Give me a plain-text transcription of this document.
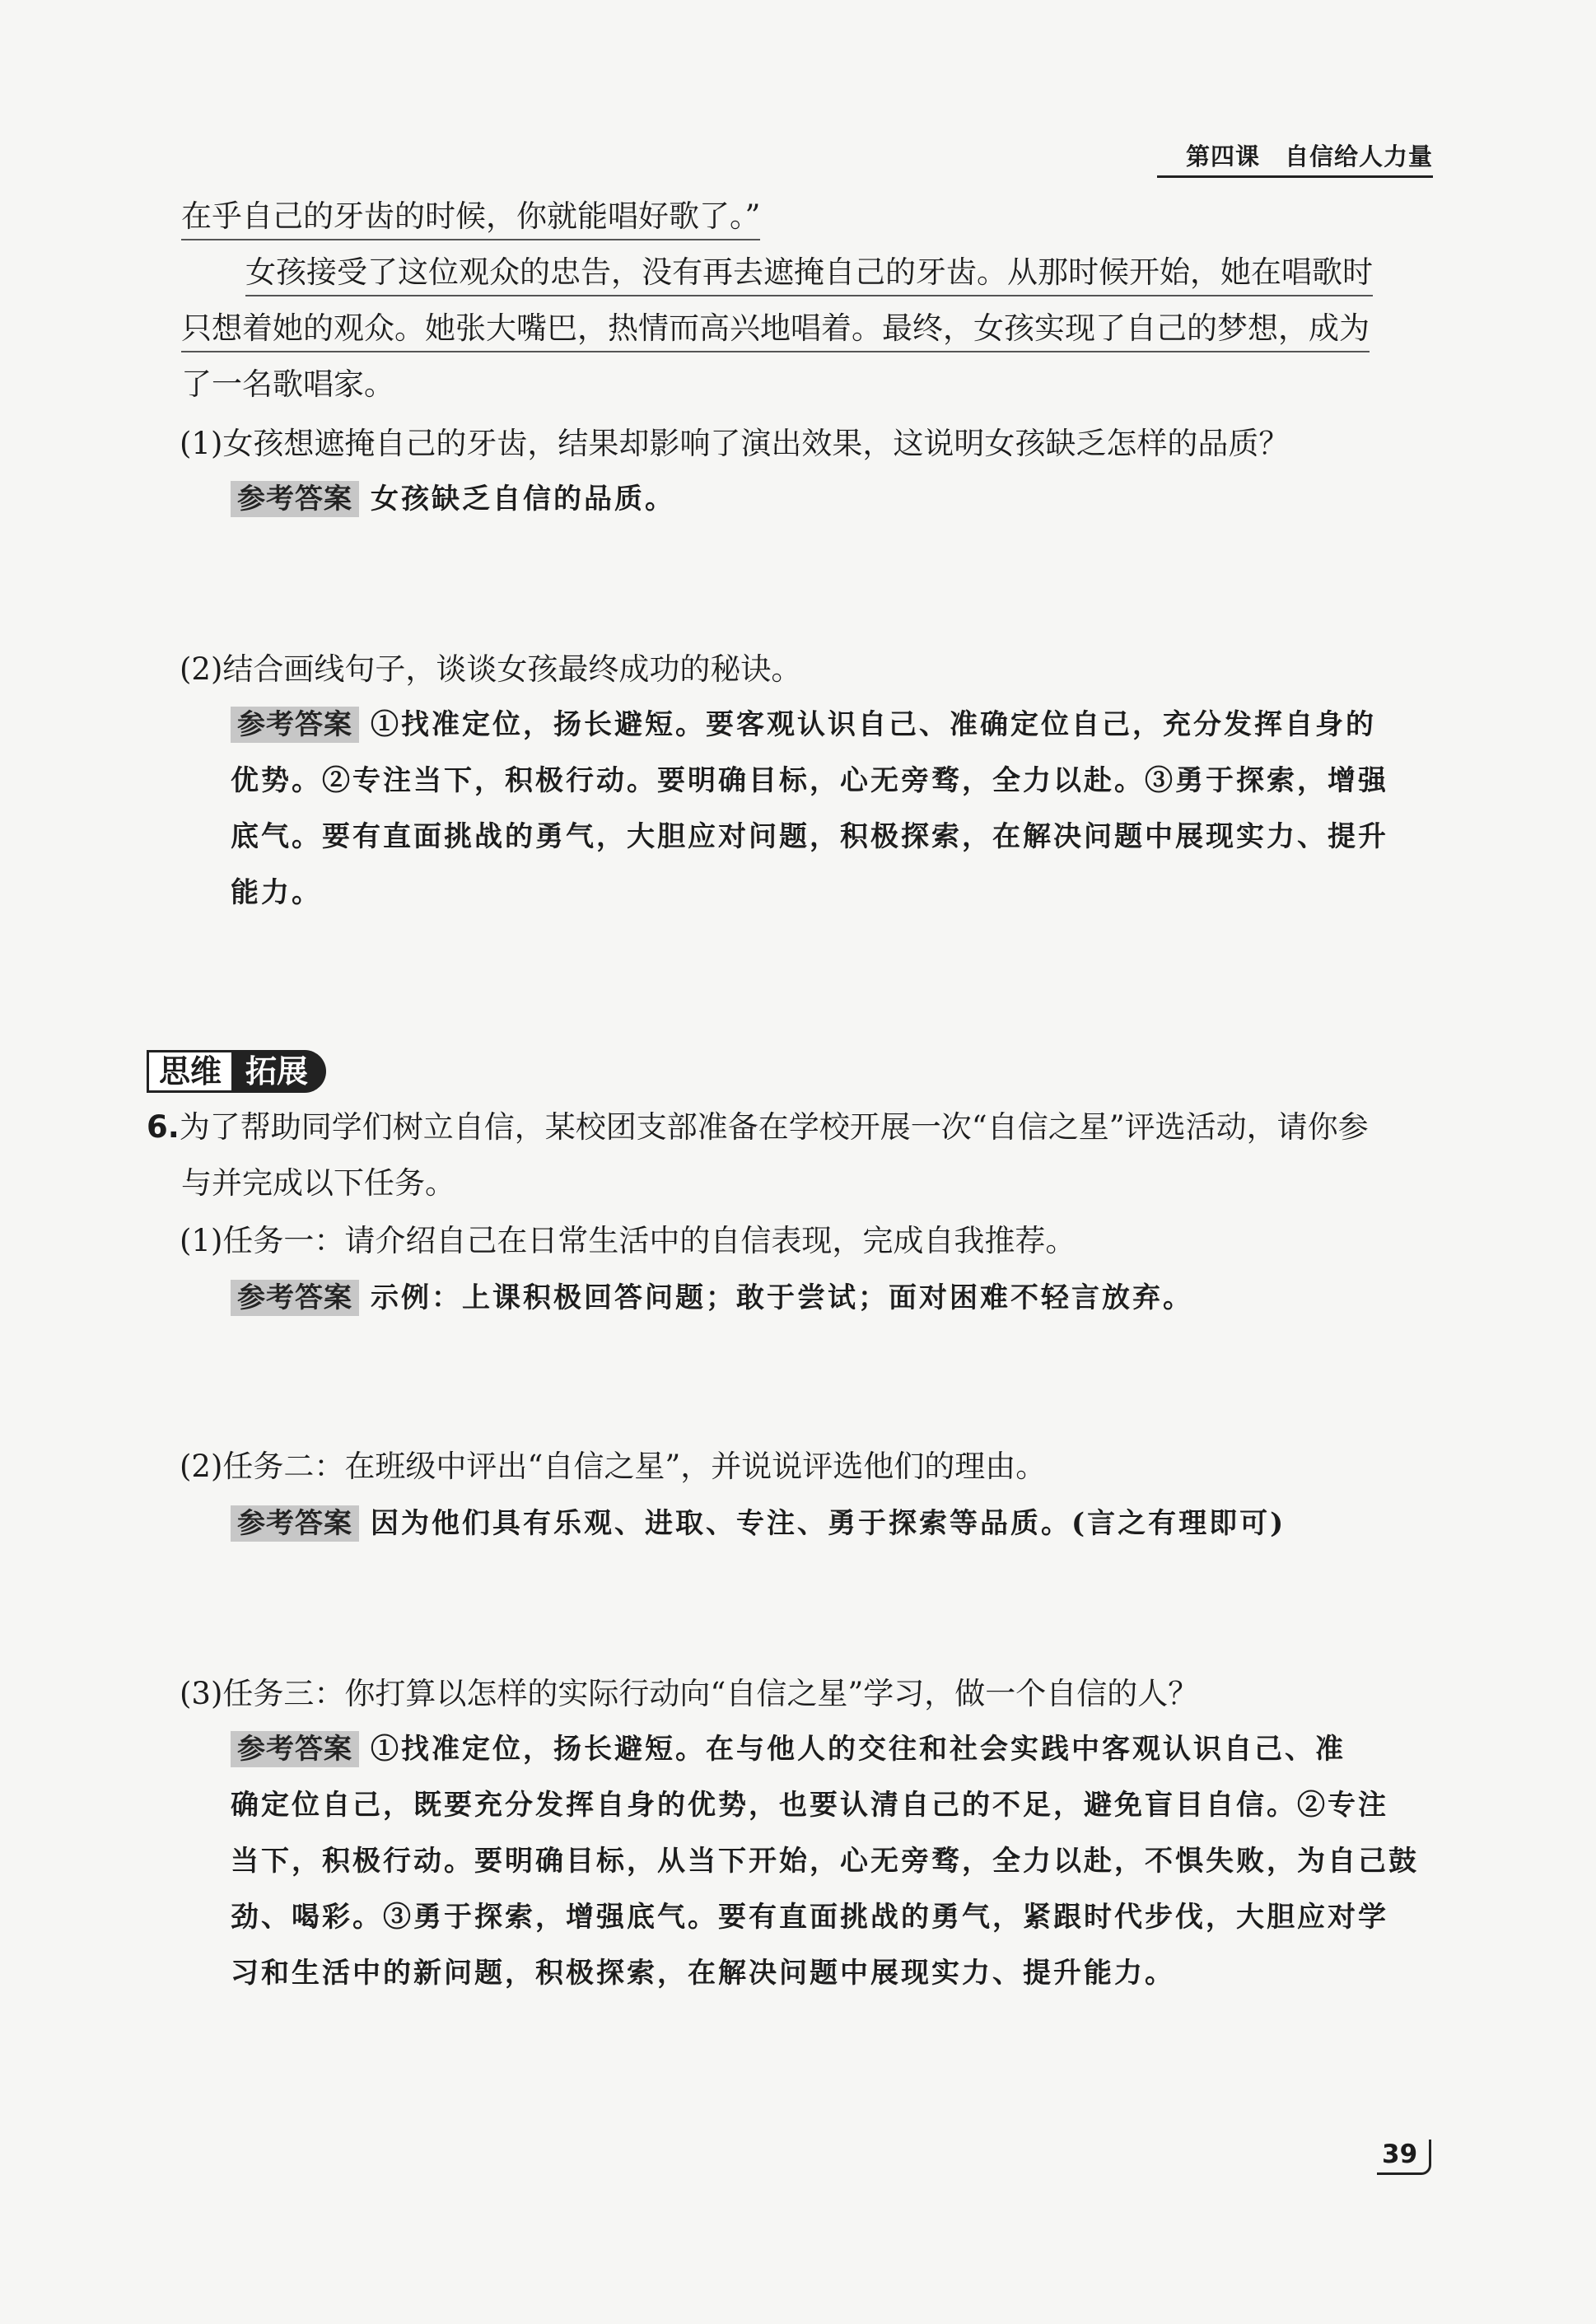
第四课　自信给人力量
在乎自己的牙齿的时候，你就能唱好歌了。”
女孩接受了这位观众的忠告，没有再去遮掩自己的牙齿。从那时候开始，她在唱歌时
只想着她的观众。她张大嘴巴，热情而高兴地唱着。最终，女孩实现了自己的梦想，成为
了一名歌唱家。
(1)女孩想遮掩自己的牙齿，结果却影响了演出效果，这说明女孩缺乏怎样的品质？
参考答案 女孩缺乏自信的品质。
(2)结合画线句子，谈谈女孩最终成功的秘诀。
参考答案 ①找准定位，扬长避短。要客观认识自己、准确定位自己，充分发挥自身的
优势。②专注当下，积极行动。要明确目标，心无旁骛，全力以赴。③勇于探索，增强
底气。要有直面挑战的勇气，大胆应对问题，积极探索，在解决问题中展现实力、提升
能力。
思维 拓展
6.为了帮助同学们树立自信，某校团支部准备在学校开展一次“自信之星”评选活动，请你参
与并完成以下任务。
(1)任务一：请介绍自己在日常生活中的自信表现，完成自我推荐。
参考答案 示例：上课积极回答问题；敢于尝试；面对困难不轻言放弃。
(2)任务二：在班级中评出“自信之星”，并说说评选他们的理由。
参考答案 因为他们具有乐观、进取、专注、勇于探索等品质。(言之有理即可)
(3)任务三：你打算以怎样的实际行动向“自信之星”学习，做一个自信的人？
参考答案 ①找准定位，扬长避短。在与他人的交往和社会实践中客观认识自己、准
确定位自己，既要充分发挥自身的优势，也要认清自己的不足，避免盲目自信。②专注
当下，积极行动。要明确目标，从当下开始，心无旁骛，全力以赴，不惧失败，为自己鼓
劲、喝彩。③勇于探索，增强底气。要有直面挑战的勇气，紧跟时代步伐，大胆应对学
习和生活中的新问题，积极探索，在解决问题中展现实力、提升能力。
39
